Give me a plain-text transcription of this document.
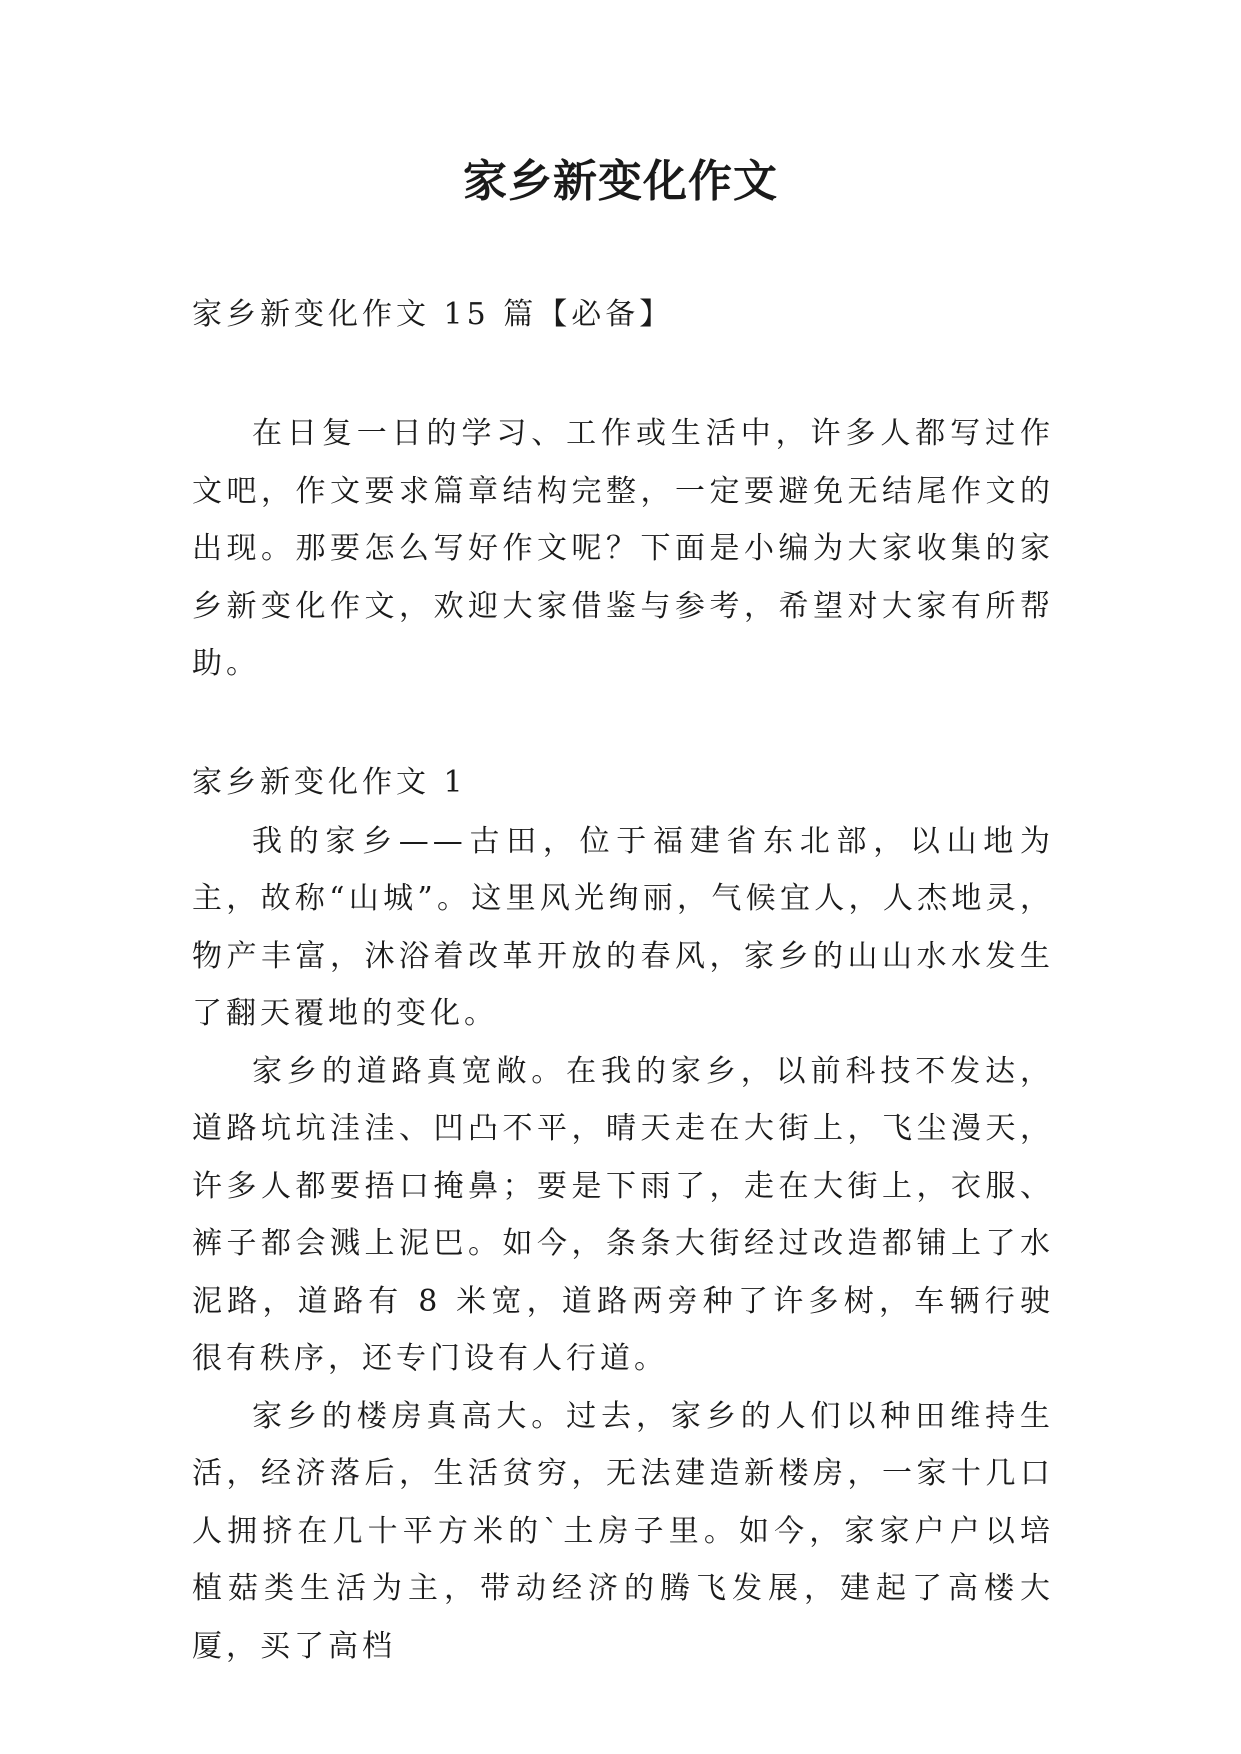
家乡新变化作文

家乡新变化作文 15 篇【必备】

在日复一日的学习、工作或生活中，许多人都写过作文吧，作文要求篇章结构完整，一定要避免无结尾作文的出现。那要怎么写好作文呢？下面是小编为大家收集的家乡新变化作文，欢迎大家借鉴与参考，希望对大家有所帮助。

家乡新变化作文 1

我的家乡——古田，位于福建省东北部，以山地为主，故称“山城”。这里风光绚丽，气候宜人，人杰地灵，物产丰富，沐浴着改革开放的春风，家乡的山山水水发生了翻天覆地的变化。

家乡的道路真宽敞。在我的家乡，以前科技不发达，道路坑坑洼洼、凹凸不平，晴天走在大街上，飞尘漫天，许多人都要捂口掩鼻；要是下雨了，走在大街上，衣服、裤子都会溅上泥巴。如今，条条大街经过改造都铺上了水泥路，道路有 8 米宽，道路两旁种了许多树，车辆行驶很有秩序，还专门设有人行道。

家乡的楼房真高大。过去，家乡的人们以种田维持生活，经济落后，生活贫穷，无法建造新楼房，一家十几口人拥挤在几十平方米的`土房子里。如今，家家户户以培植菇类生活为主，带动经济的腾飞发展，建起了高楼大厦，买了高档
